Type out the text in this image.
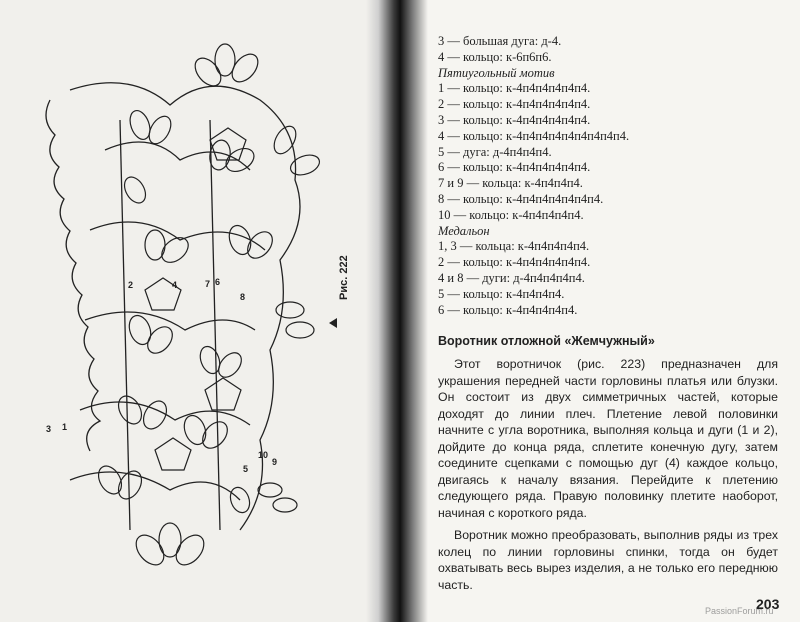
1
2
3
4
5
6
7
8
9
10
Рис. 222
3 — большая дуга: д-4.
4 — кольцо: к-6п6п6.
Пятиугольный мотив
1 — кольцо: к-4п4п4п4п4п4.
2 — кольцо: к-4п4п4п4п4п4.
3 — кольцо: к-4п4п4п4п4п4.
4 — кольцо: к-4п4п4п4п4п4п4п4п4.
5 — дуга: д-4п4п4п4.
6 — кольцо: к-4п4п4п4п4п4.
7 и 9 — кольца: к-4п4п4п4.
8 — кольцо: к-4п4п4п4п4п4п4.
10 — кольцо: к-4п4п4п4п4.
Медальон
1, 3 — кольца: к-4п4п4п4п4.
2 — кольцо: к-4п4п4п4п4п4.
4 и 8 — дуги: д-4п4п4п4п4.
5 — кольцо: к-4п4п4п4.
6 — кольцо: к-4п4п4п4п4.
Воротник отложной «Жемчужный»

Этот воротничок (рис. 223) предназначен для украшения передней части горловины платья или блузки. Он состоит из двух симметричных частей, которые доходят до линии плеч. Плетение левой половинки начните с угла воротника, выполняя кольца и дуги (1 и 2), дойдите до конца ряда, сплетите конечную дугу, затем соедините сцепками с помощью дуг (4) каждое кольцо, двигаясь к началу вязания. Перейдите к плетению следующего ряда. Правую половинку плетите наоборот, начиная с короткого ряда.

Воротник можно преобразовать, выполнив ряды из трех колец по линии горловины спинки, тогда он будет охватывать весь вырез изделия, а не только его переднюю часть.

203
PassionForum.ru
